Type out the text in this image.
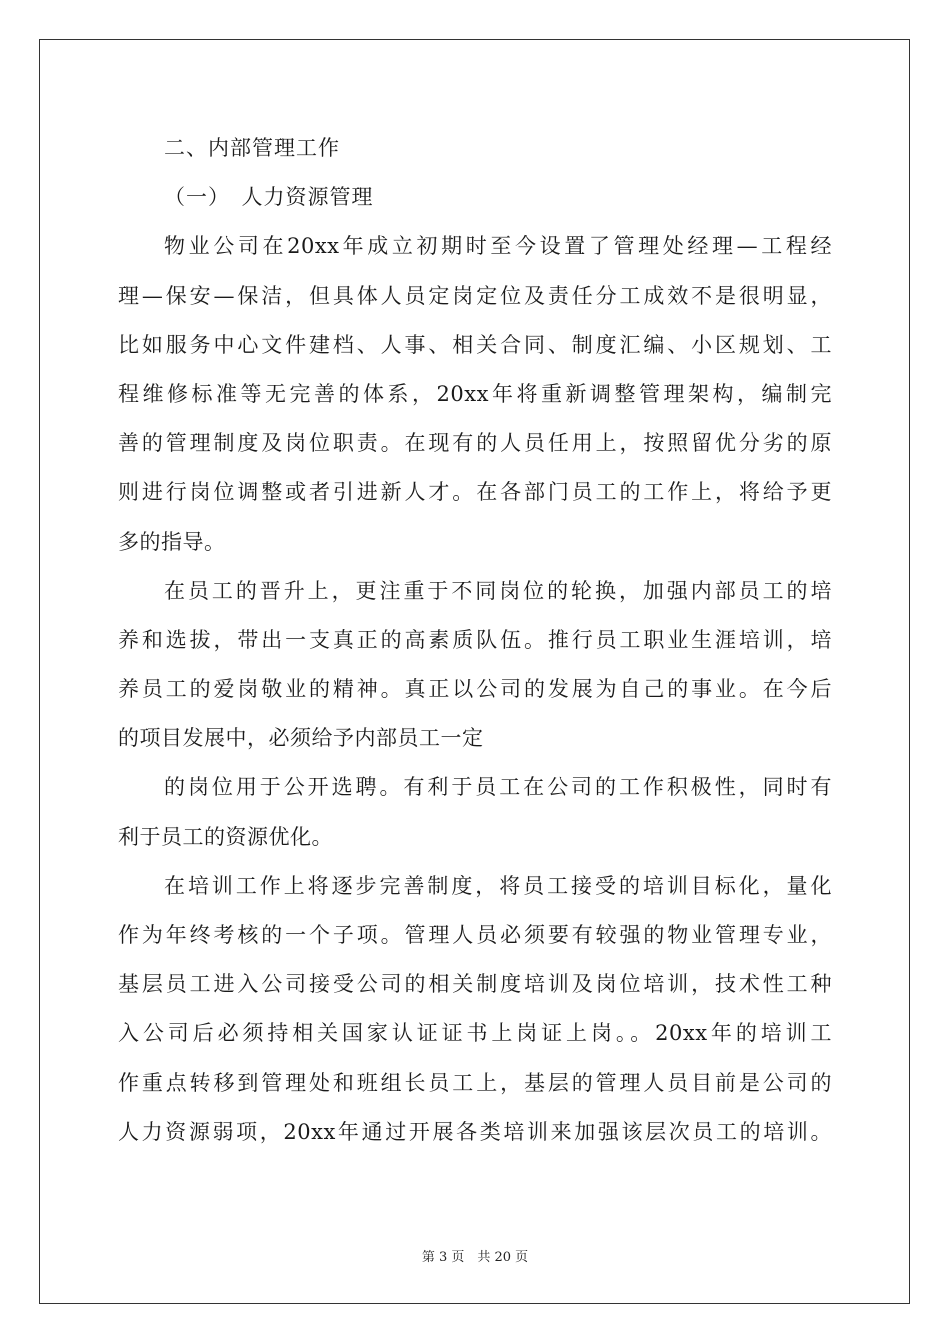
二、内部管理工作
（一）　人力资源管理
物业公司在20xx年成立初期时至今设置了管理处经理—工程经
理—保安—保洁，但具体人员定岗定位及责任分工成效不是很明显，
比如服务中心文件建档、人事、相关合同、制度汇编、小区规划、工
程维修标准等无完善的体系，20xx年将重新调整管理架构，编制完
善的管理制度及岗位职责。在现有的人员任用上，按照留优分劣的原
则进行岗位调整或者引进新人才。在各部门员工的工作上，将给予更
多的指导。
在员工的晋升上，更注重于不同岗位的轮换，加强内部员工的培
养和选拔，带出一支真正的高素质队伍。推行员工职业生涯培训，培
养员工的爱岗敬业的精神。真正以公司的发展为自己的事业。在今后
的项目发展中，必须给予内部员工一定
的岗位用于公开选聘。有利于员工在公司的工作积极性，同时有
利于员工的资源优化。
在培训工作上将逐步完善制度，将员工接受的培训目标化，量化
作为年终考核的一个子项。管理人员必须要有较强的物业管理专业，
基层员工进入公司接受公司的相关制度培训及岗位培训，技术性工种
入公司后必须持相关国家认证证书上岗证上岗。。20xx年的培训工
作重点转移到管理处和班组长员工上，基层的管理人员目前是公司的
人力资源弱项，20xx年通过开展各类培训来加强该层次员工的培训。
第 3 页　共 20 页
